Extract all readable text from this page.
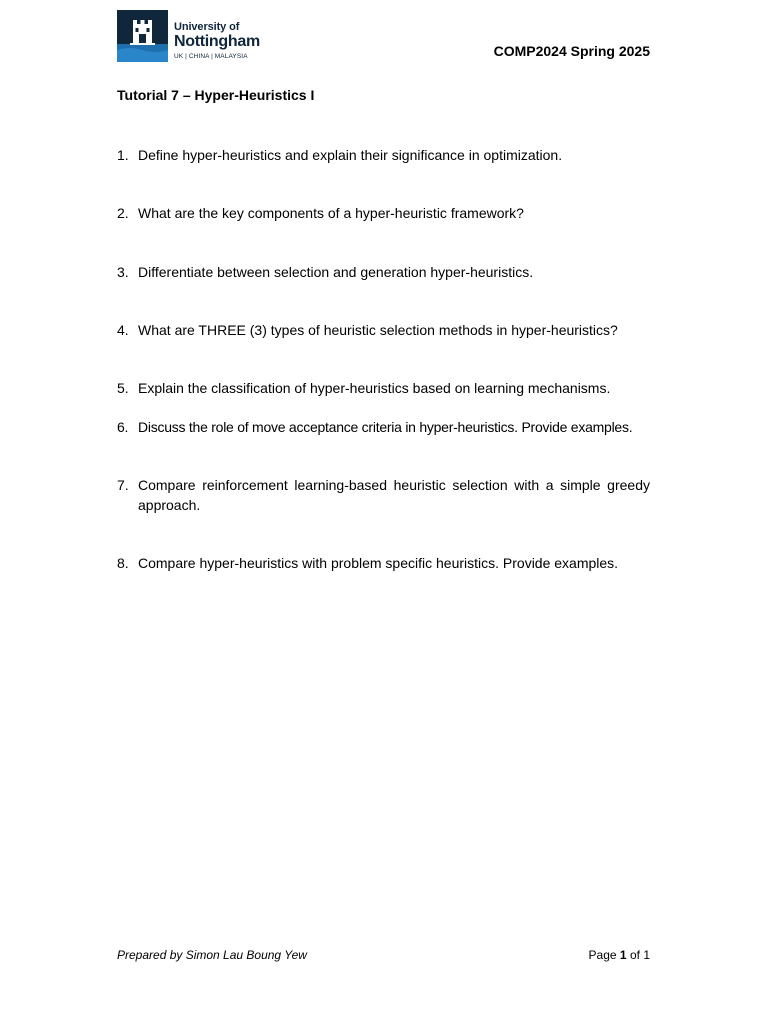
University of
Nottingham
UK | CHINA | MALAYSIA	COMP2024 Spring 2025
Tutorial 7 – Hyper-Heuristics I
1. Define hyper-heuristics and explain their significance in optimization.
2. What are the key components of a hyper-heuristic framework?
3. Differentiate between selection and generation hyper-heuristics.
4. What are THREE (3) types of heuristic selection methods in hyper-heuristics?
5. Explain the classification of hyper-heuristics based on learning mechanisms.
6. Discuss the role of move acceptance criteria in hyper-heuristics. Provide examples.
7. Compare reinforcement learning-based heuristic selection with a simple greedy approach.
8. Compare hyper-heuristics with problem specific heuristics. Provide examples.
Prepared by Simon Lau Boung Yew	Page 1 of 1
